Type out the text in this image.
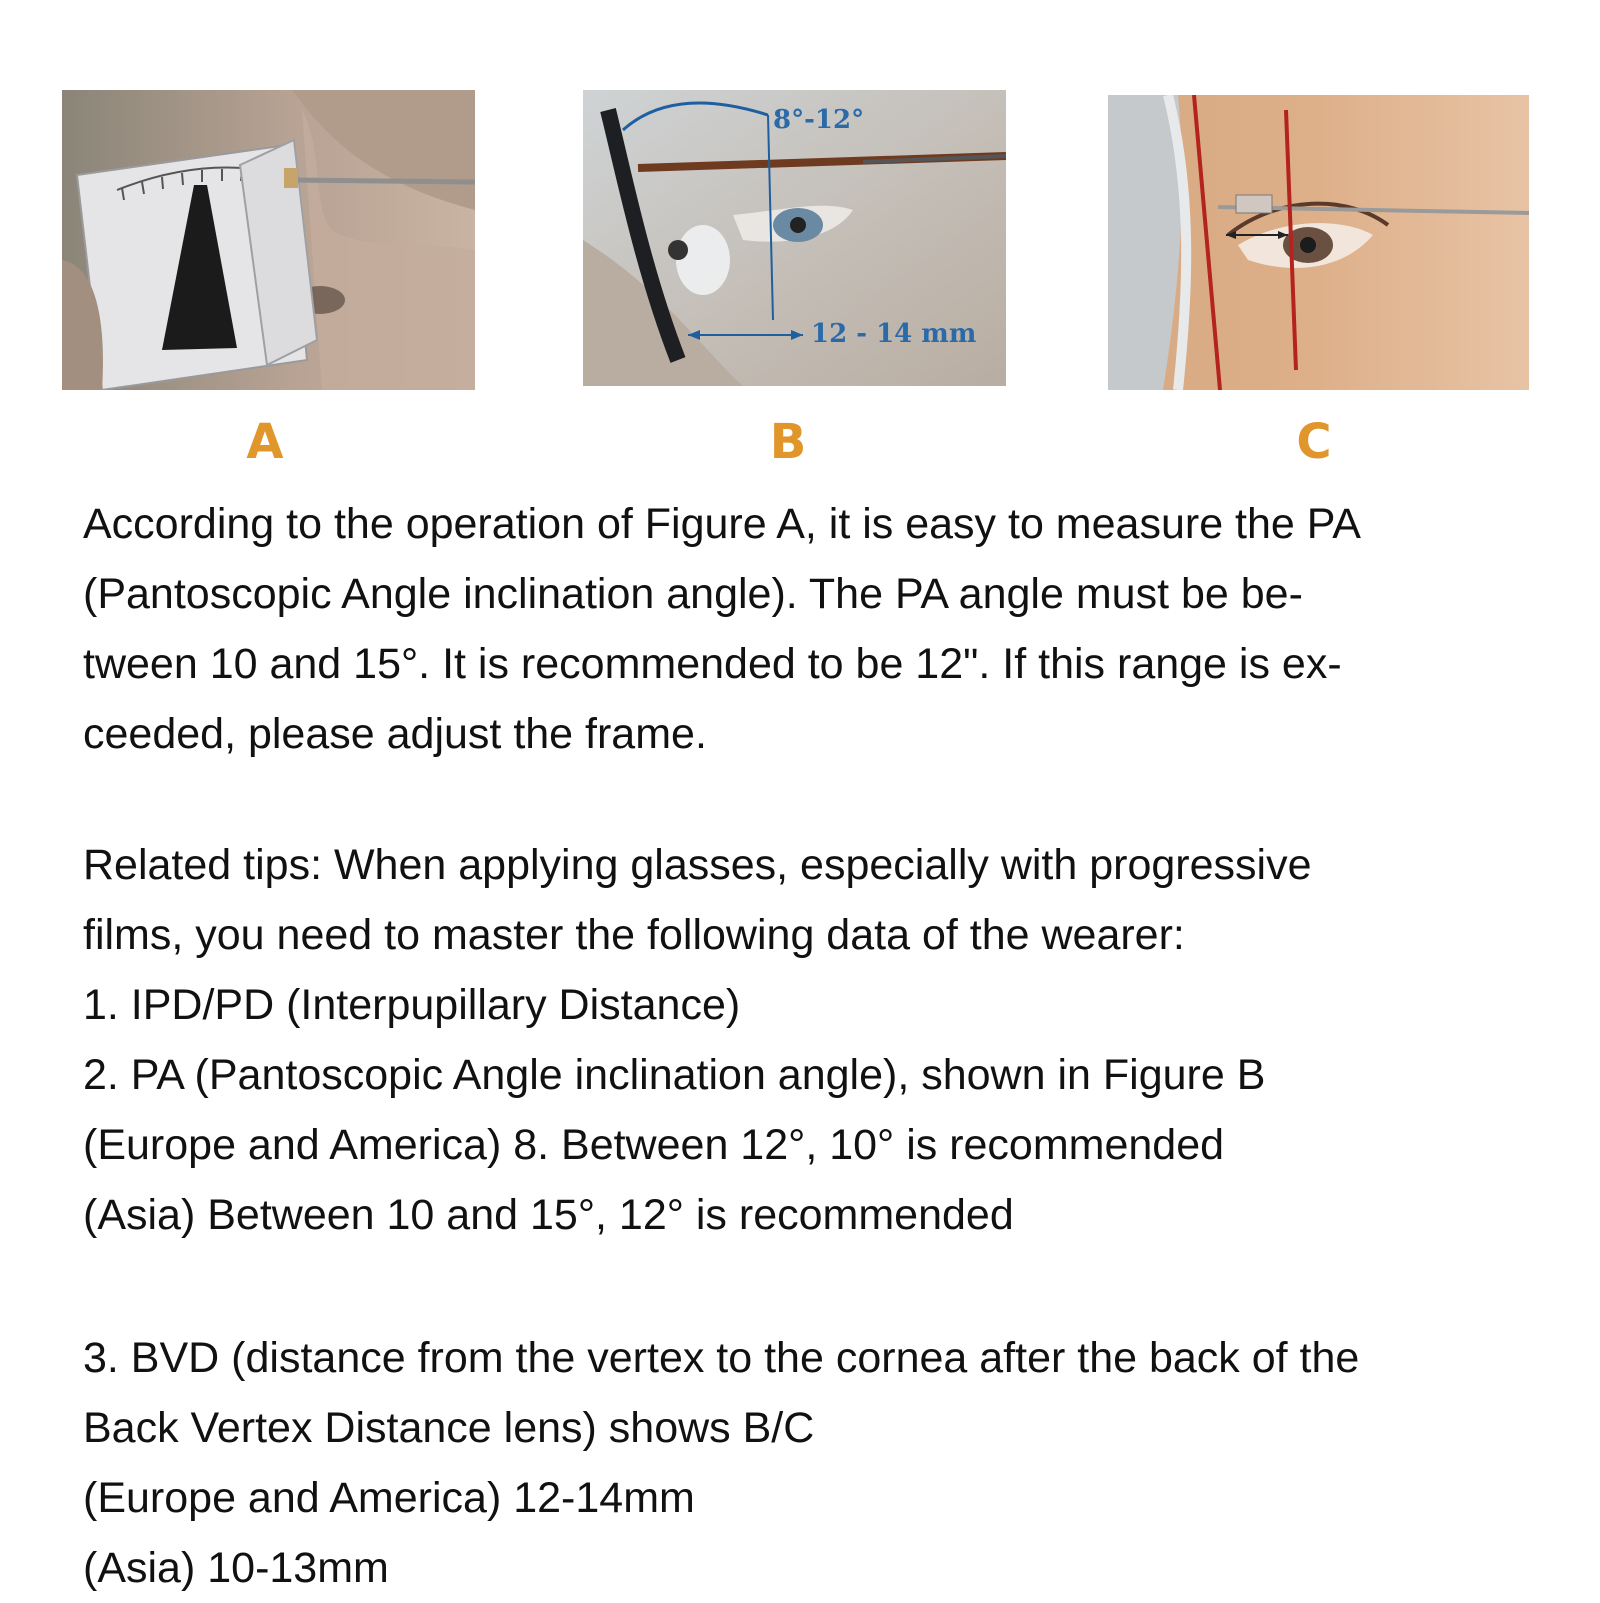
8°-12°
12 - 14 mm
A	B	C

According to the operation of Figure A, it is easy to measure the PA
(Pantoscopic Angle inclination angle). The PA angle must be be-
tween 10 and 15°. It is recommended to be 12". If this range is ex-
ceeded, please adjust the frame.

Related tips: When applying glasses, especially with progressive
films, you need to master the following data of the wearer:
1. IPD/PD (Interpupillary Distance)
2. PA (Pantoscopic Angle inclination angle), shown in Figure B
(Europe and America) 8. Between 12°, 10° is recommended
(Asia) Between 10 and 15°, 12° is recommended

3. BVD (distance from the vertex to the cornea after the back of the
Back Vertex Distance lens) shows B/C
(Europe and America) 12-14mm
(Asia) 10-13mm
